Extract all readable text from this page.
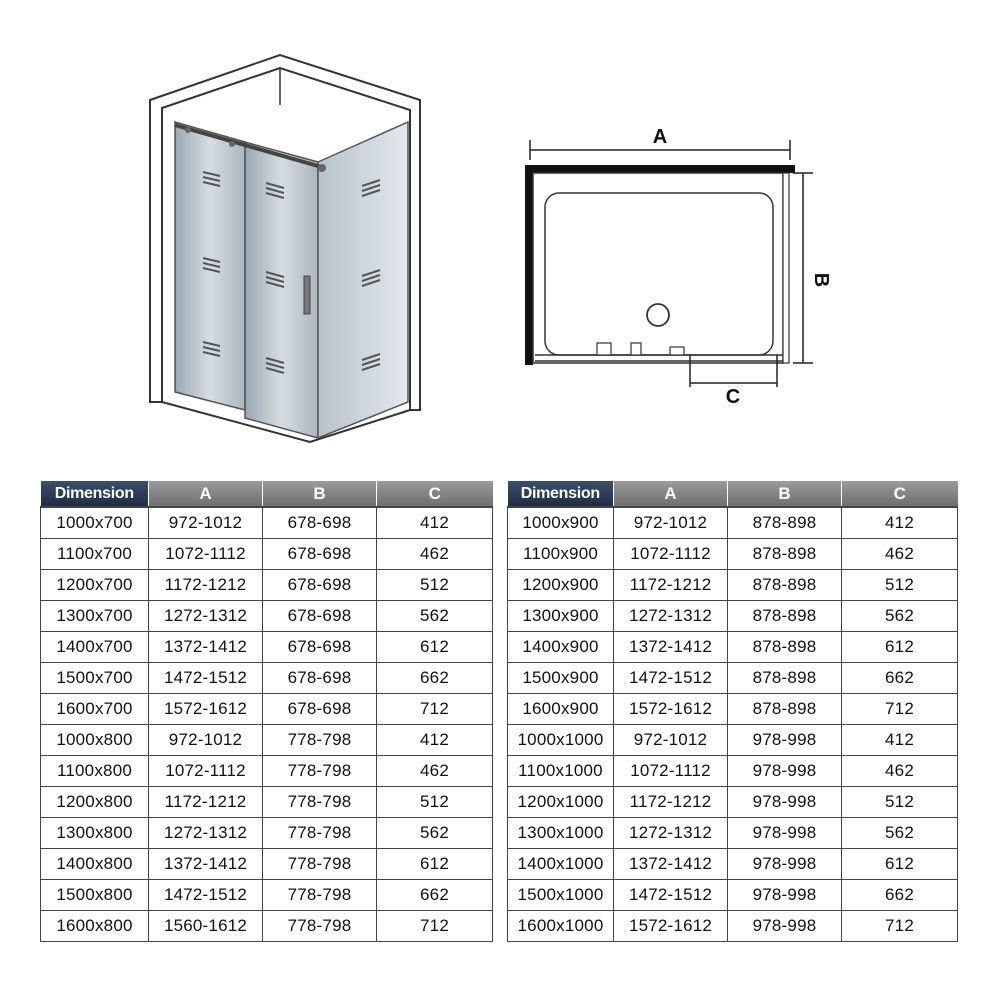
A
B
C
Dimension	A	B	C
1000x700	972-1012	678-698	412
1100x700	1072-1112	678-698	462
1200x700	1172-1212	678-698	512
1300x700	1272-1312	678-698	562
1400x700	1372-1412	678-698	612
1500x700	1472-1512	678-698	662
1600x700	1572-1612	678-698	712
1000x800	972-1012	778-798	412
1100x800	1072-1112	778-798	462
1200x800	1172-1212	778-798	512
1300x800	1272-1312	778-798	562
1400x800	1372-1412	778-798	612
1500x800	1472-1512	778-798	662
1600x800	1560-1612	778-798	712
Dimension	A	B	C
1000x900	972-1012	878-898	412
1100x900	1072-1112	878-898	462
1200x900	1172-1212	878-898	512
1300x900	1272-1312	878-898	562
1400x900	1372-1412	878-898	612
1500x900	1472-1512	878-898	662
1600x900	1572-1612	878-898	712
1000x1000	972-1012	978-998	412
1100x1000	1072-1112	978-998	462
1200x1000	1172-1212	978-998	512
1300x1000	1272-1312	978-998	562
1400x1000	1372-1412	978-998	612
1500x1000	1472-1512	978-998	662
1600x1000	1572-1612	978-998	712
